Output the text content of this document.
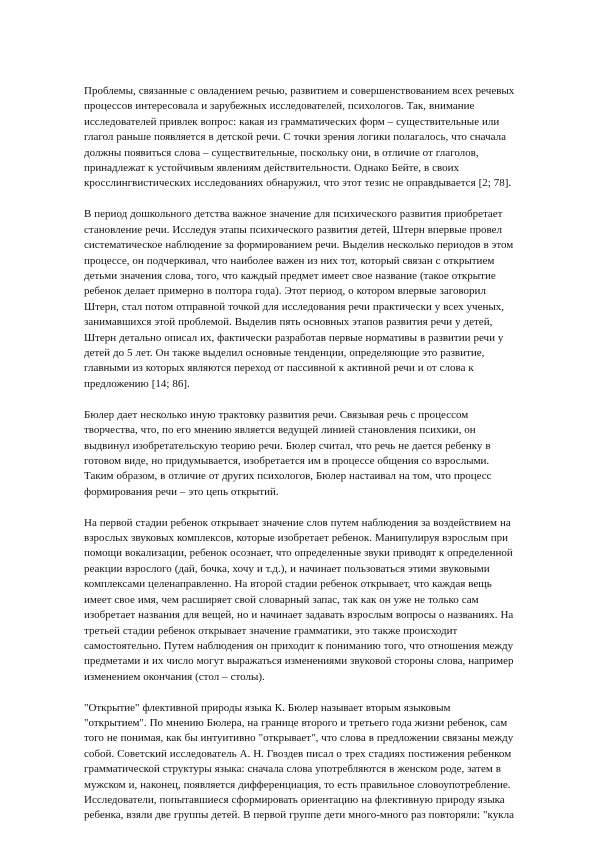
Проблемы, связанные с овладением речью, развитием и совершенствованием всех речевых процессов интересовала и зарубежных исследователей, психологов. Так, внимание исследователей привлек вопрос: какая из грамматических форм – существительные или глагол раньше появляется в детской речи. С точки зрения логики полагалось, что сначала должны появиться слова – существительные, поскольку они, в отличие от глаголов, принадлежат к устойчивым явлениям действительности. Однако Бейте, в своих кросслингвистических исследованиях обнаружил, что этот тезис не оправдывается [2; 78].

В период дошкольного детства важное значение для психического развития приобретает становление речи. Исследуя этапы психического развития детей, Штерн впервые провел систематическое наблюдение за формированием речи. Выделив несколько периодов в этом процессе, он подчеркивал, что наиболее важен из них тот, который связан с открытием детьми значения слова, того, что каждый предмет имеет свое название (такое открытие ребенок делает примерно в полтора года). Этот период, о котором впервые заговорил Штерн, стал потом отправной точкой для исследования речи практически у всех ученых, занимавшихся этой проблемой. Выделив пять основных этапов развития речи у детей, Штерн детально описал их, фактически разработав первые нормативы в развитии речи у детей до 5 лет. Он также выделил основные тенденции, определяющие это развитие, главными из которых являются переход от пассивной к активной речи и от слова к предложению [14; 86].

Бюлер дает несколько иную трактовку развития речи. Связывая речь с процессом творчества, что, по его мнению является ведущей линией становления психики, он выдвинул изобретательскую теорию речи. Бюлер считал, что речь не дается ребенку в готовом виде, но придумывается, изобретается им в процессе общения со взрослыми. Таким образом, в отличие от других психологов, Бюлер настаивал на том, что процесс формирования речи – это цепь открытий.

На первой стадии ребенок открывает значение слов путем наблюдения за воздействием на взрослых звуковых комплексов, которые изобретает ребенок. Манипулируя взрослым при помощи вокализации, ребенок осознает, что определенные звуки приводят к определенной реакции взрослого (дай, бочка, хочу и т.д.), и начинает пользоваться этими звуковыми комплексами целенаправленно. На второй стадии ребенок открывает, что каждая вещь имеет свое имя, чем расширяет свой словарный запас, так как он уже не только сам изобретает названия для вещей, но и начинает задавать взрослым вопросы о названиях. На третьей стадии ребенок открывает значение грамматики, это также происходит самостоятельно. Путем наблюдения он приходит к пониманию того, что отношения между предметами и их число могут выражаться изменениями звуковой стороны слова, например изменением окончания (стол – столы).

"Открытие" флективной природы языка К. Бюлер называет вторым языковым "открытием". По мнению Бюлера, на границе второго и третьего года жизни ребенок, сам того не понимая, как бы интуитивно "открывает", что слова в предложении связаны между собой. Советский исследователь А. Н. Гвоздев писал о трех стадиях постижения ребенком грамматической структуры языка: сначала слова употребляются в женском роде, затем в мужском и, наконец, появляется дифференциация, то есть правильное словоупотребление. Исследователи, попытавшиеся сформировать ориентацию на флективную природу языка ребенка, взяли две группы детей. В первой группе дети много-много раз повторяли: "кукла
